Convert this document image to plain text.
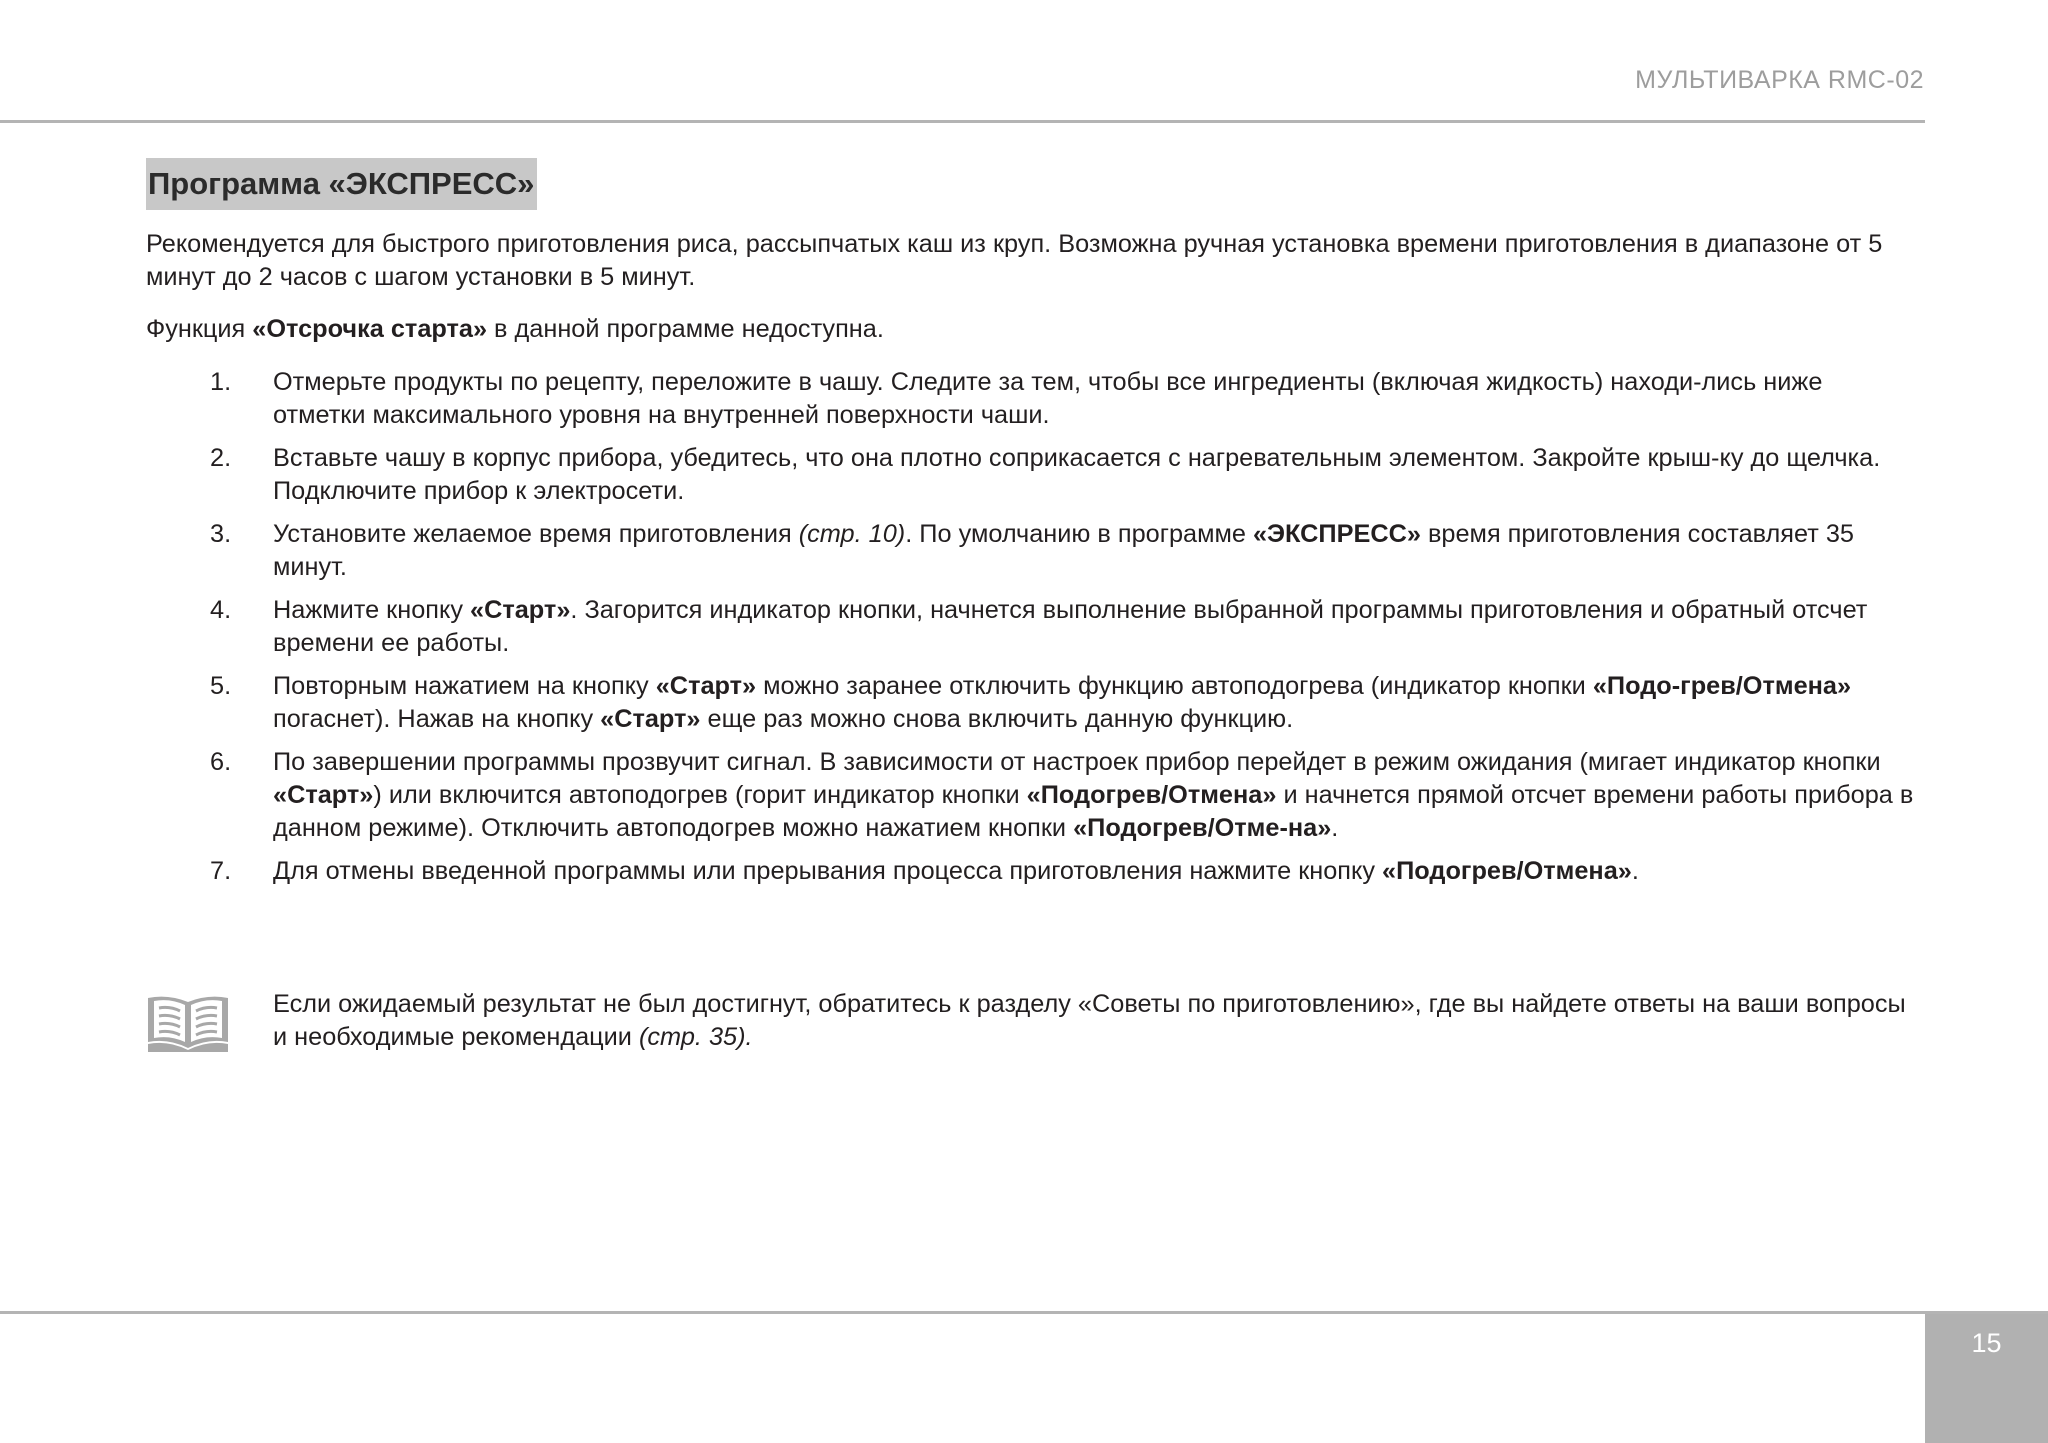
МУЛЬТИВАРКА RMC-02
Программа «ЭКСПРЕСС»

Рекомендуется для быстрого приготовления риса, рассыпчатых каш из круп. Возможна ручная установка времени приготовления в диапазоне от 5 минут до 2 часов с шагом установки в 5 минут.

Функция «Отсрочка старта» в данной программе недоступна.

1. Отмерьте продукты по рецепту, переложите в чашу. Следите за тем, чтобы все ингредиенты (включая жидкость) находи-лись ниже отметки максимального уровня на внутренней поверхности чаши.
2. Вставьте чашу в корпус прибора, убедитесь, что она плотно соприкасается с нагревательным элементом. Закройте крыш-ку до щелчка. Подключите прибор к электросети.
3. Установите желаемое время приготовления (стр. 10). По умолчанию в программе «ЭКСПРЕСС» время приготовления составляет 35 минут.
4. Нажмите кнопку «Старт». Загорится индикатор кнопки, начнется выполнение выбранной программы приготовления и обратный отсчет времени ее работы.
5. Повторным нажатием на кнопку «Старт» можно заранее отключить функцию автоподогрева (индикатор кнопки «Подо-грев/Отмена» погаснет). Нажав на кнопку «Старт» еще раз можно снова включить данную функцию.
6. По завершении программы прозвучит сигнал. В зависимости от настроек прибор перейдет в режим ожидания (мигает индикатор кнопки «Старт») или включится автоподогрев (горит индикатор кнопки «Подогрев/Отмена» и начнется прямой отсчет времени работы прибора в данном режиме). Отключить автоподогрев можно нажатием кнопки «Подогрев/Отме-на».
7. Для отмены введенной программы или прерывания процесса приготовления нажмите кнопку «Подогрев/Отмена».

Если ожидаемый результат не был достигнут, обратитесь к разделу «Советы по приготовлению», где вы найдете ответы на ваши вопросы и необходимые рекомендации (стр. 35).

15
